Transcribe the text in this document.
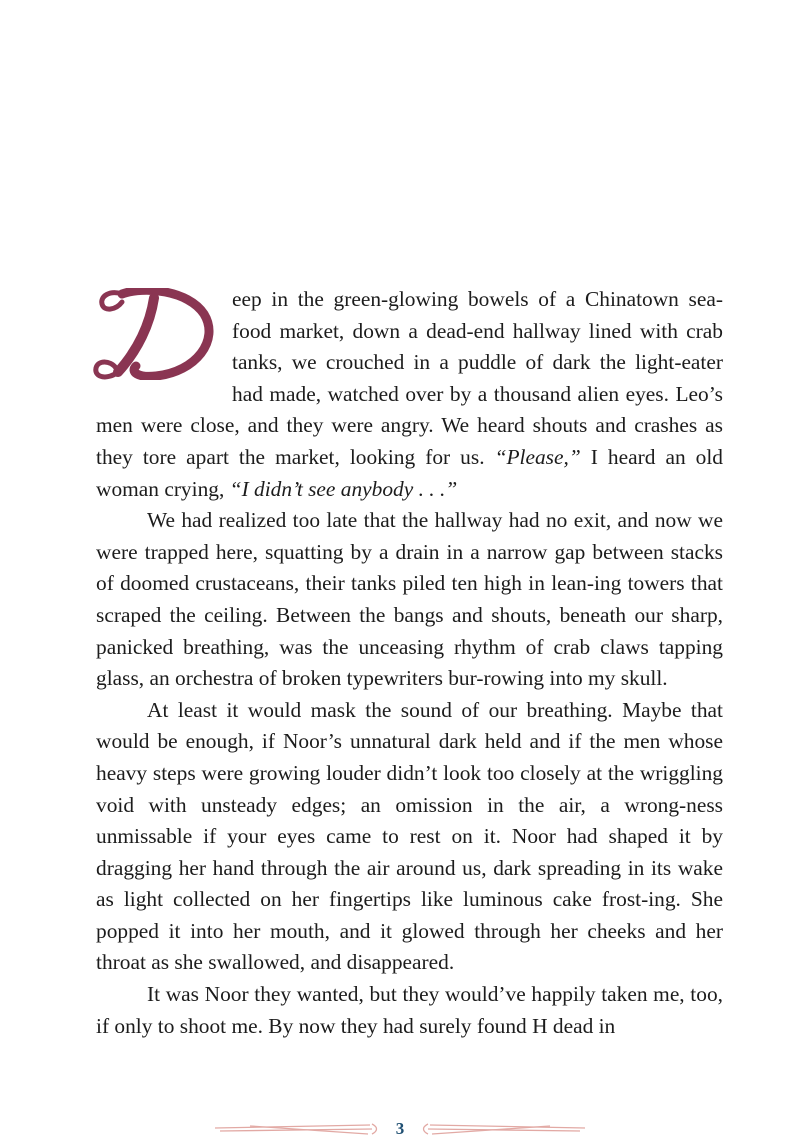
eep in the green-glowing bowels of a Chinatown sea-food market, down a dead-end hallway lined with crab tanks, we crouched in a puddle of dark the light-eater had made, watched over by a thousand alien eyes. Leo’s men were close, and they were angry. We heard shouts and crashes as they tore apart the market, looking for us. “Please,” I heard an old woman crying, “I didn’t see anybody . . .”

We had realized too late that the hallway had no exit, and now we were trapped here, squatting by a drain in a narrow gap between stacks of doomed crustaceans, their tanks piled ten high in lean-ing towers that scraped the ceiling. Between the bangs and shouts, beneath our sharp, panicked breathing, was the unceasing rhythm of crab claws tapping glass, an orchestra of broken typewriters bur-rowing into my skull.

At least it would mask the sound of our breathing. Maybe that would be enough, if Noor’s unnatural dark held and if the men whose heavy steps were growing louder didn’t look too closely at the wriggling void with unsteady edges; an omission in the air, a wrong-ness unmissable if your eyes came to rest on it. Noor had shaped it by dragging her hand through the air around us, dark spreading in its wake as light collected on her fingertips like luminous cake frost-ing. She popped it into her mouth, and it glowed through her cheeks and her throat as she swallowed, and disappeared.

It was Noor they wanted, but they would’ve happily taken me, too, if only to shoot me. By now they had surely found H dead in

3
